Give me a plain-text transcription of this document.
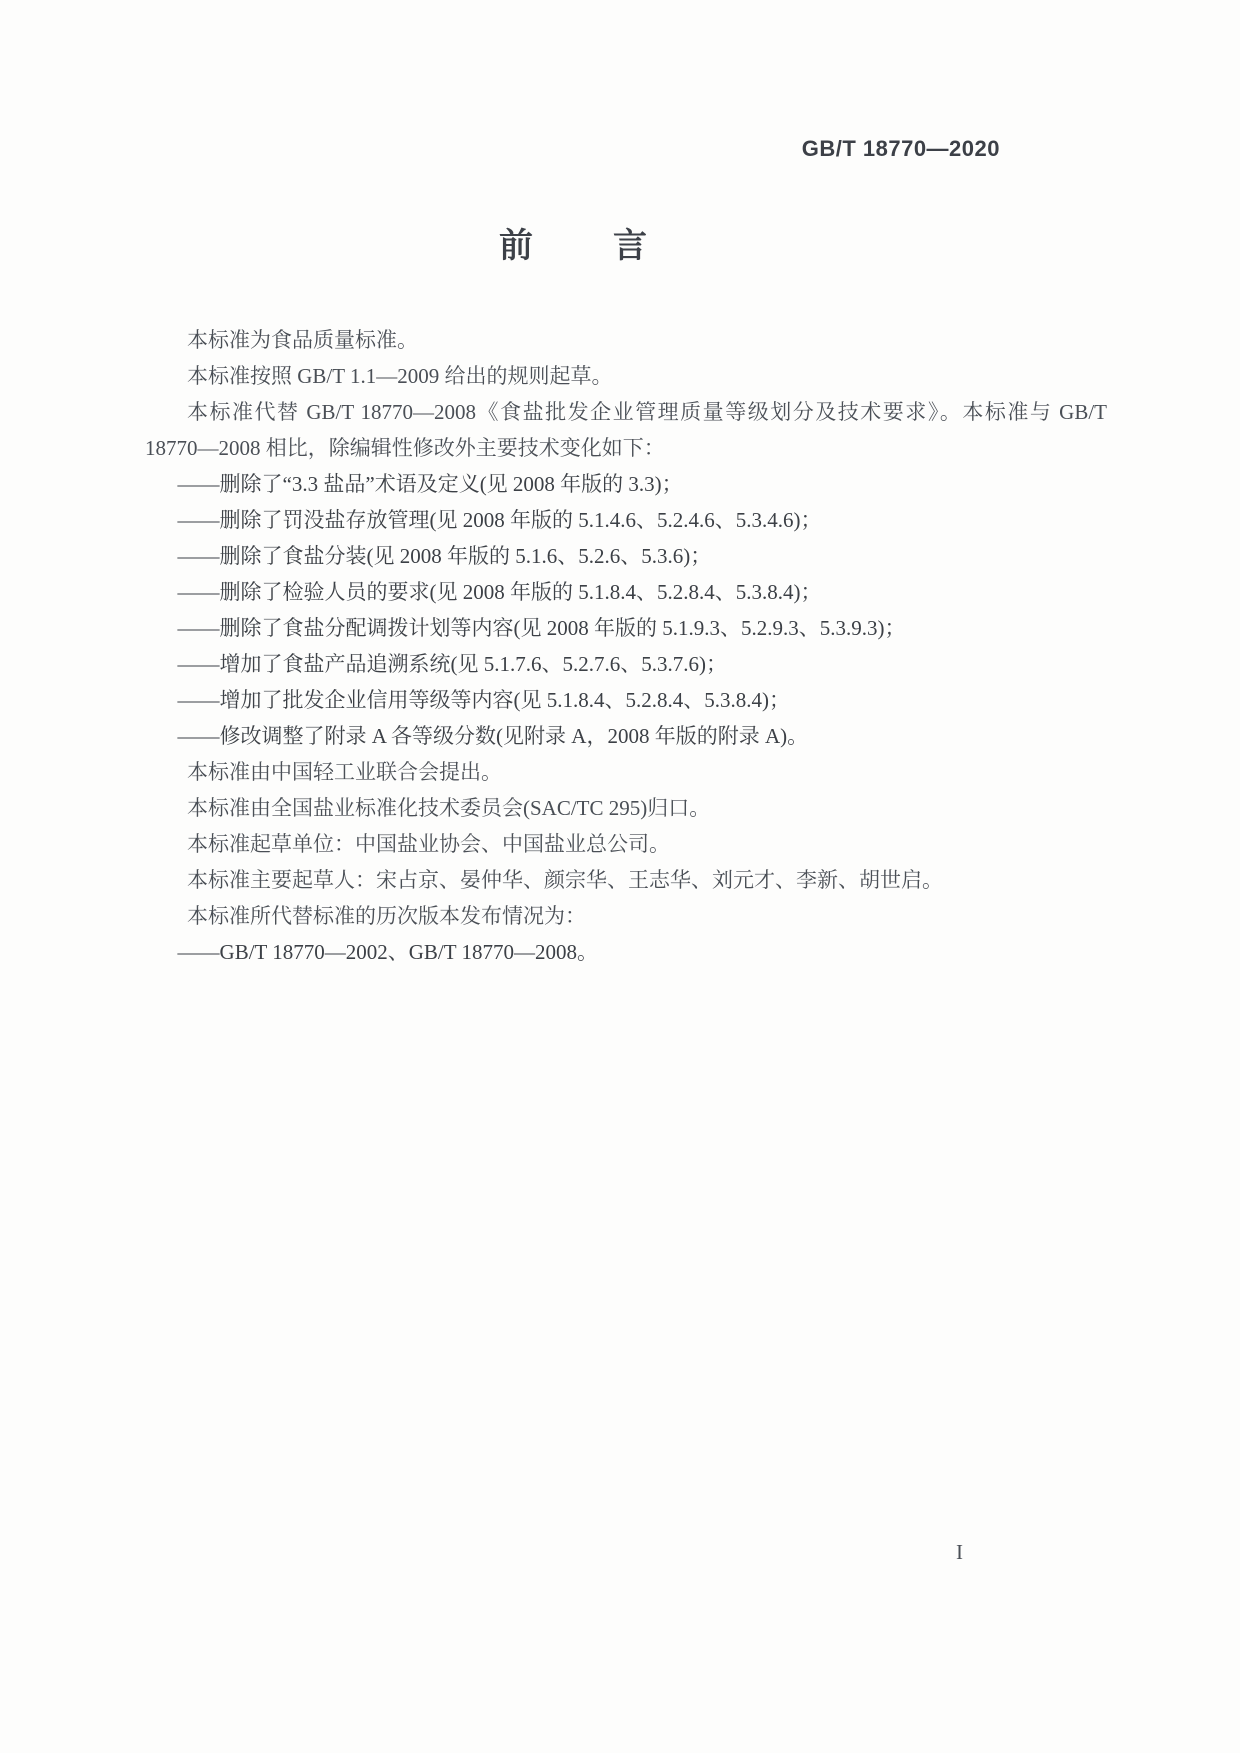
GB/T 18770—2020
前　　言
本标准为食品质量标准。
本标准按照 GB/T 1.1—2009 给出的规则起草。
本标准代替 GB/T 18770—2008《食盐批发企业管理质量等级划分及技术要求》。本标准与 GB/T 18770—2008 相比，除编辑性修改外主要技术变化如下：
——删除了“3.3 盐品”术语及定义(见 2008 年版的 3.3)；
——删除了罚没盐存放管理(见 2008 年版的 5.1.4.6、5.2.4.6、5.3.4.6)；
——删除了食盐分装(见 2008 年版的 5.1.6、5.2.6、5.3.6)；
——删除了检验人员的要求(见 2008 年版的 5.1.8.4、5.2.8.4、5.3.8.4)；
——删除了食盐分配调拨计划等内容(见 2008 年版的 5.1.9.3、5.2.9.3、5.3.9.3)；
——增加了食盐产品追溯系统(见 5.1.7.6、5.2.7.6、5.3.7.6)；
——增加了批发企业信用等级等内容(见 5.1.8.4、5.2.8.4、5.3.8.4)；
——修改调整了附录 A 各等级分数(见附录 A，2008 年版的附录 A)。
本标准由中国轻工业联合会提出。
本标准由全国盐业标准化技术委员会(SAC/TC 295)归口。
本标准起草单位：中国盐业协会、中国盐业总公司。
本标准主要起草人：宋占京、晏仲华、颜宗华、王志华、刘元才、李新、胡世启。
本标准所代替标准的历次版本发布情况为：
——GB/T 18770—2002、GB/T 18770—2008。
I
